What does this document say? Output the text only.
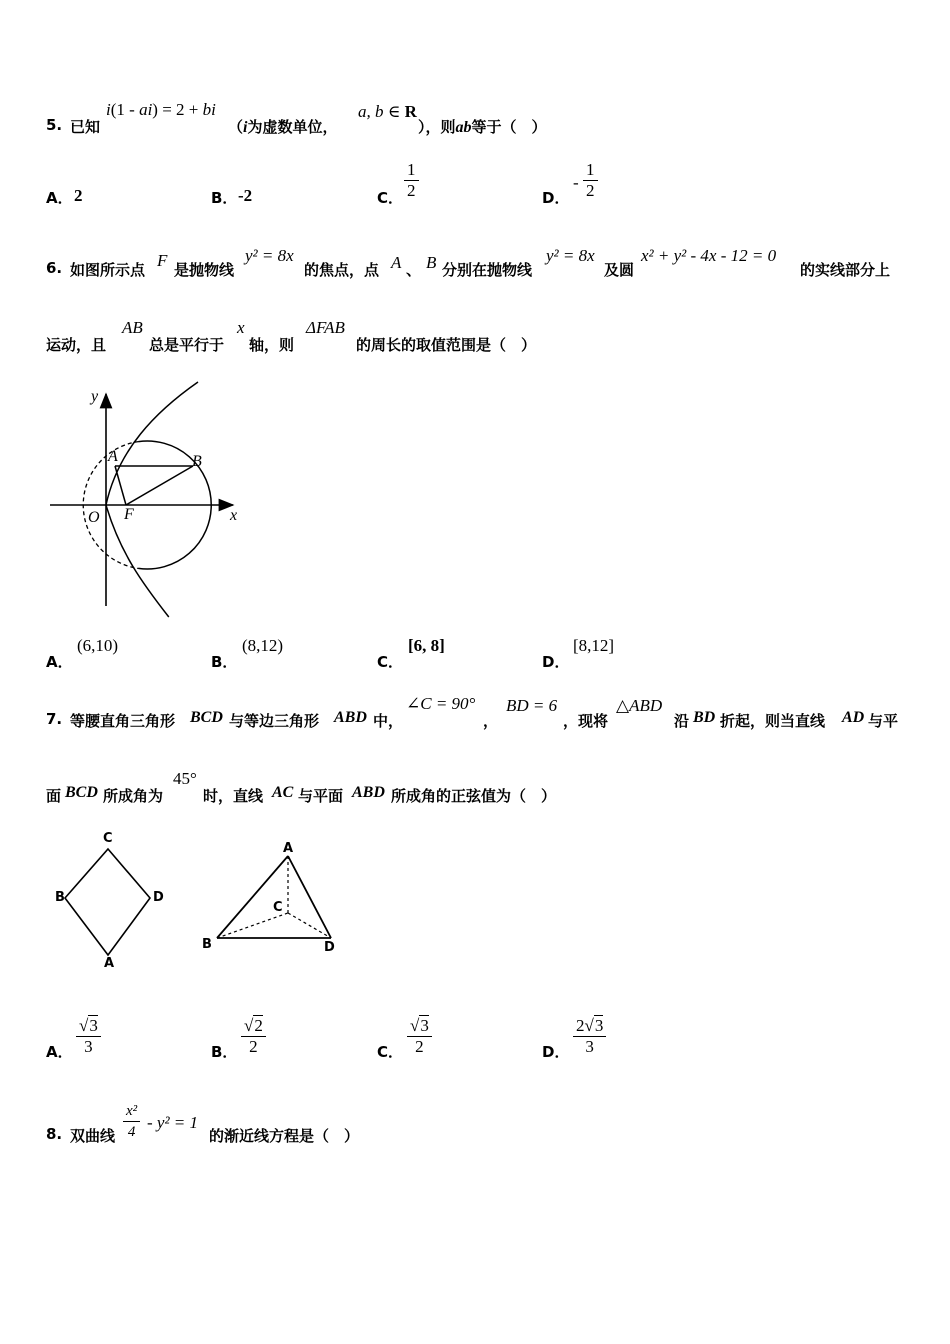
5. 已知
i(1 - ai) = 2 + bi
（i为虚数单位，
a, b ∈ R
），则ab等于（　）
A． 2	B． -2	C．
1
2	D．
-
1
2
6. 如图所示点 F 是抛物线
y² = 8x
的焦点，点 A 、 B 分别在抛物线
y² = 8x
及圆
x² + y² - 4x - 12 = 0
的实线部分上
运动，且
AB
总是平行于
x
轴，则
ΔFAB
的周长的取值范围是（　）
y
x
O F
A	B
A．
(6,10)
B．
(8,12)
C．
[6, 8]
D．
[8,12]
7. 等腰直角三角形 BCD 与等边三角形 ABD 中，
∠C = 90°
，
BD = 6
，现将
△ABD
沿 BD 折起，则当直线 AD 与平
面 BCD 所成角为
45°
时，直线 AC 与平面 ABD 所成角的正弦值为（　）
C
B	D
A
A
C
B	D
A．
√3
3	B．
√2
2	C．
√3
2	D．
2√3
3
8. 双曲线
x²
4 - y² = 1
的渐近线方程是（　）
